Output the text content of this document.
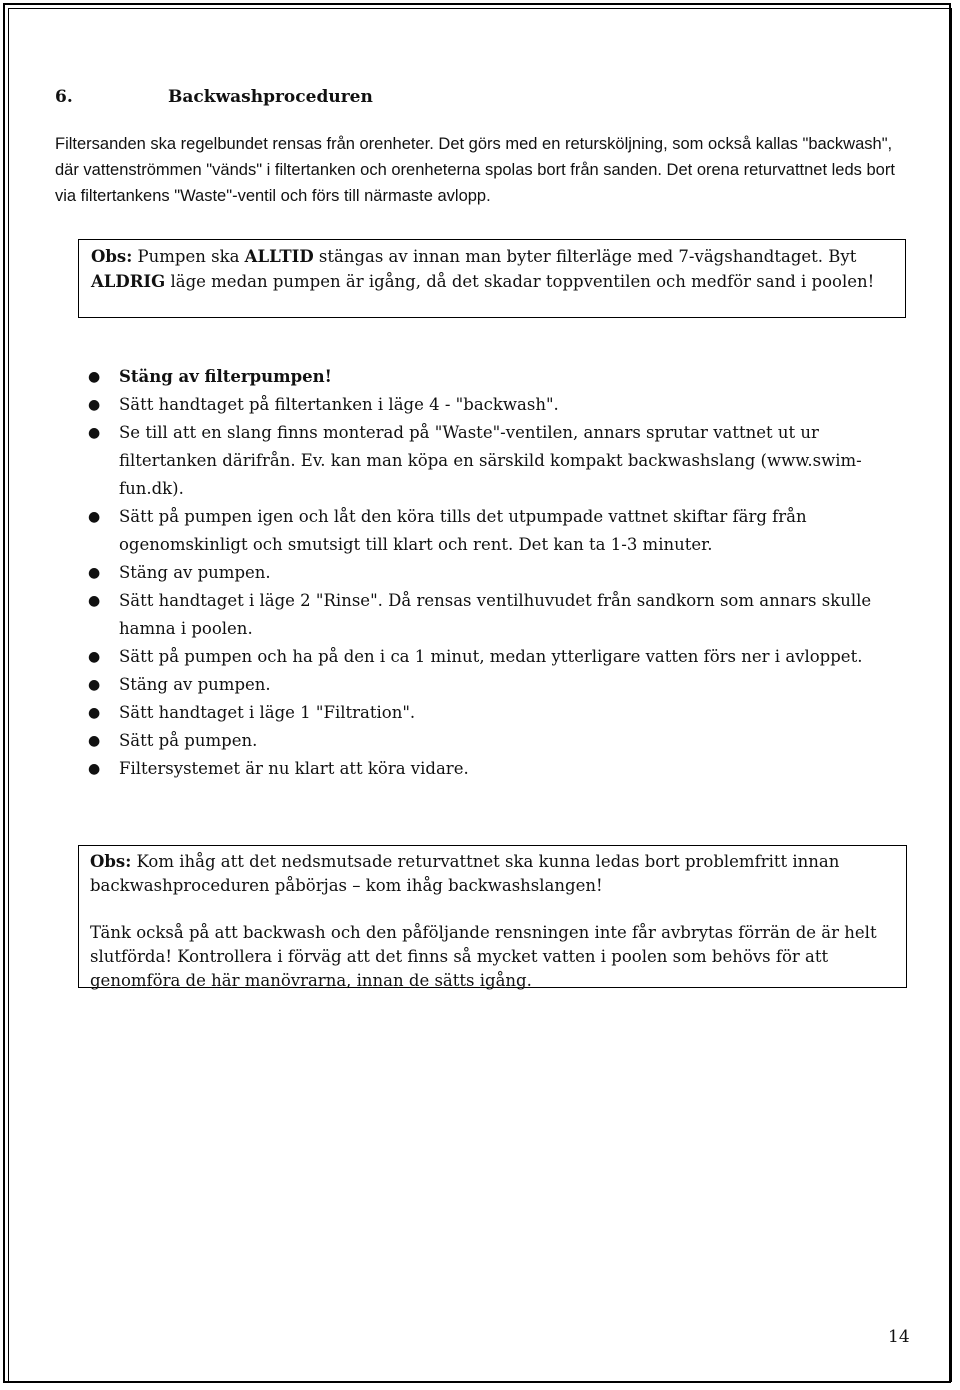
6.	Backwashproceduren

Filtersanden ska regelbundet rensas från orenheter. Det görs med en retursköljning, som också kallas "backwash", där vattenströmmen "vänds" i filtertanken och orenheterna spolas bort från sanden. Det orena returvattnet leds bort via filtertankens "Waste"-ventil och förs till närmaste avlopp.

Obs: Pumpen ska ALLTID stängas av innan man byter filterläge med 7-vägshandtaget. Byt ALDRIG läge medan pumpen är igång, då det skadar toppventilen och medför sand i poolen!
● Stäng av filterpumpen!
● Sätt handtaget på filtertanken i läge 4 - "backwash".
● Se till att en slang finns monterad på "Waste"-ventilen, annars sprutar vattnet ut ur filtertanken därifrån. Ev. kan man köpa en särskild kompakt backwashslang (www.swim-fun.dk).
● Sätt på pumpen igen och låt den köra tills det utpumpade vattnet skiftar färg från ogenomskinligt och smutsigt till klart och rent. Det kan ta 1-3 minuter.
● Stäng av pumpen.
● Sätt handtaget i läge 2 "Rinse". Då rensas ventilhuvudet från sandkorn som annars skulle hamna i poolen.
● Sätt på pumpen och ha på den i ca 1 minut, medan ytterligare vatten förs ner i avloppet.
● Stäng av pumpen.
● Sätt handtaget i läge 1 "Filtration".
● Sätt på pumpen.
● Filtersystemet är nu klart att köra vidare.

Obs: Kom ihåg att det nedsmutsade returvattnet ska kunna ledas bort problemfritt innan backwashproceduren påbörjas – kom ihåg backwashslangen!

Tänk också på att backwash och den påföljande rensningen inte får avbrytas förrän de är helt slutförda! Kontrollera i förväg att det finns så mycket vatten i poolen som behövs för att genomföra de här manövrarna, innan de sätts igång.

14
